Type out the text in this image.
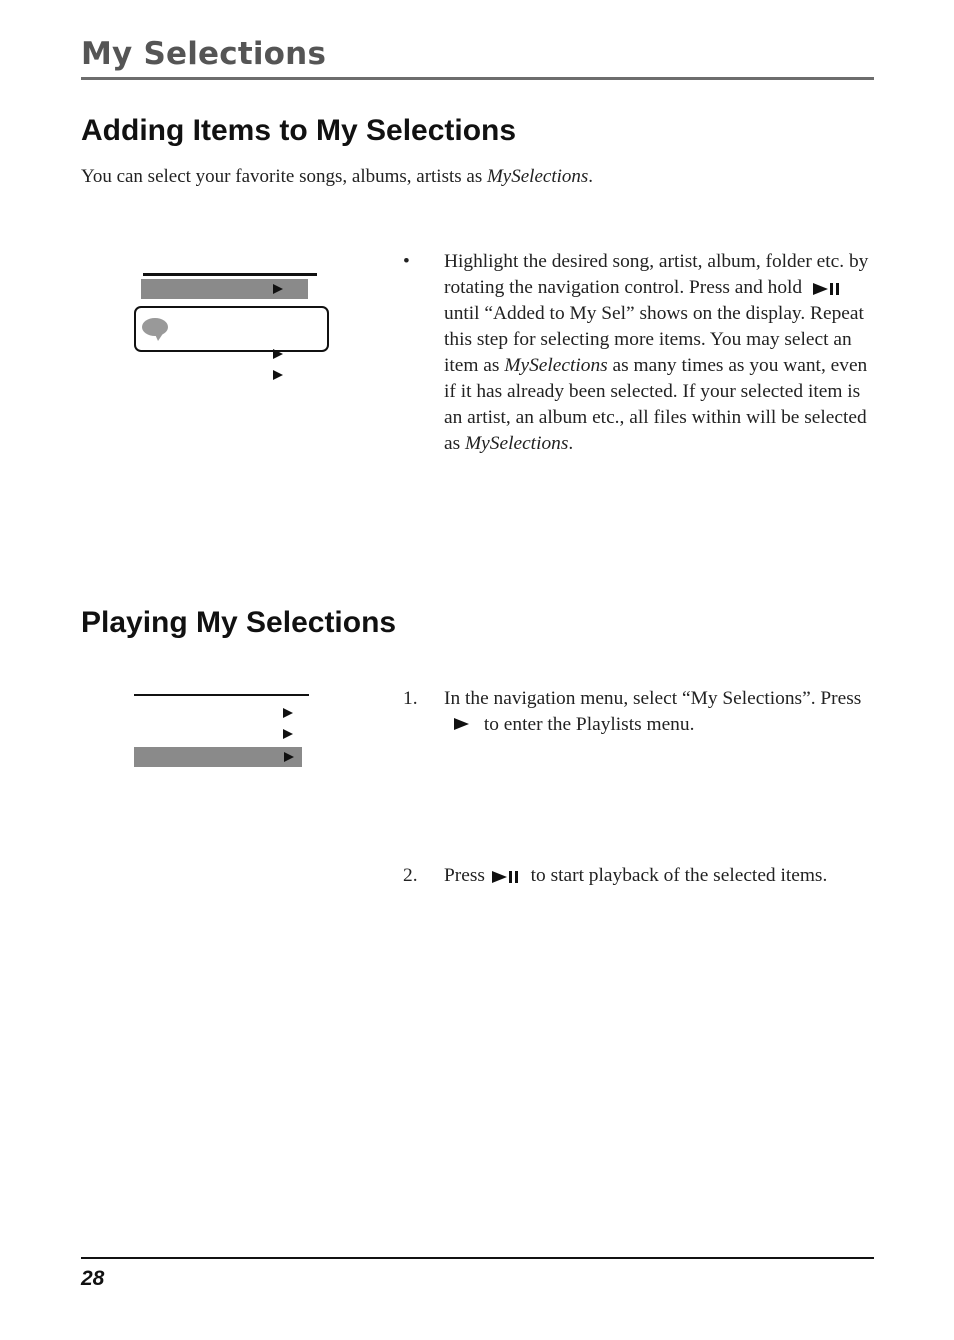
My Selections
Adding Items to My Selections

You can select your favorite songs, albums, artists as MySelections.

• Highlight the desired song, artist, album, folder etc. by rotating the navigation control. Press and hold
until “Added to My Sel” shows on the display. Repeat this step for selecting more items. You may select an item as MySelections as many times as you want, even if it has already been selected. If your selected item is an artist, an album etc., all files within will be selected as MySelections.

Playing My Selections
1. In the navigation menu, select “My Selections”. Press  to enter the Playlists menu.

2. Press
to start playback of the selected items.

28
